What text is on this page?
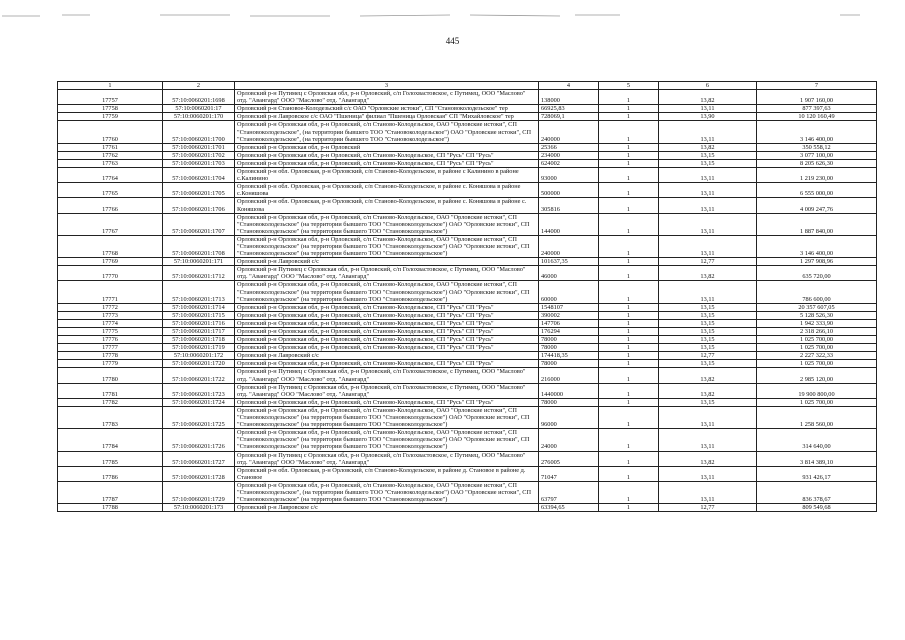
445
1	2	3	4	5	6	7
17757	57:10:0060201:1698	Орловский р-н Путимец с Орловская обл, р-н Орловский, с/п Голохвастовское, с Путимец, ООО "Маслово" отд. "Авангард" ООО "Маслово" отд. "Авангард"	138000	1	13,82	1 907 160,00
17758	57:10:0060201:17	Орловский р-н Становое-Колодезьский с/с ОАО "Орловские истоки", СП "Становоколодезьское" тер	66925,83	1	13,11	877 397,63
17759	57:10:0060201:170	Орловский р-н Лавровское с/с ОАО "Пшеница" филиал "Пшеница Орловская" СП "Михайловское" тер	728069,1	1	13,90	10 120 160,49
17760	57:10:0060201:1700	Орловский р-н Орловская обл, р-н Орловский, с/п Станово-Колодезьское, ОАО "Орловские истоки", СП "Становоколодезьское", (на территории бывшего ТОО "Становоколодезьское") ОАО "Орловские истоки", СП "Становоколодезьское", (на территории бывшего ТОО "Становоколодезьское")	240000	1	13,11	3 146 400,00
17761	57:10:0060201:1701	Орловский р-н Орловская обл, р-н Орловский	25366	1	13,82	350 558,12
17762	57:10:0060201:1702	Орловский р-н Орловская обл, р-н Орловский, с/п Станово-Колодезьское, СП "Русь" СП "Русь"	234000	1	13,15	3 077 100,00
17763	57:10:0060201:1703	Орловский р-н Орловская обл, р-н Орловский, с/п Станово-Колодезьское, СП "Русь" СП "Русь"	624002	1	13,15	8 205 626,30
17764	57:10:0060201:1704	Орловский р-н обл. Орловская, р-н Орловский, с/п Станово-Колодезьское, в районе с Калинино в районе с.Калинино	93000	1	13,11	1 219 230,00
17765	57:10:0060201:1705	Орловский р-н обл. Орловская, р-н Орловский, с/п Станово-Колодезьское, в районе с. Коняшова в районе с.Коняшова	500000	1	13,11	6 555 000,00
17766	57:10:0060201:1706	Орловский р-н обл. Орловская, р-н Орловский, с/п Станово-Колодезьское, в районе с. Коняшова в районе с. Коняшова	305816	1	13,11	4 009 247,76
17767	57:10:0060201:1707	Орловский р-н Орловская обл, р-н Орловский, с/п Станово-Колодезьское, ОАО "Орловские истоки", СП "Становоколодезьское" (на территории бывшего ТОО "Становоколодезьское") ОАО "Орловские истоки", СП "Становоколодезьское" (на территории бывшего ТОО "Становоколодезьское")	144000	1	13,11	1 887 840,00
17768	57:10:0060201:1708	Орловский р-н Орловская обл, р-н Орловский, с/п Станово-Колодезьское, ОАО "Орловские истоки", СП "Становоколодезьское" (на территории бывшего ТОО "Становоколодезьское") ОАО "Орловские истоки", СП "Становоколодезьское" (на территории бывшего ТОО "Становоколодезьское")	240000	1	13,11	3 146 400,00
17769	57:10:0060201:171	Орловский р-н Лавровский с/с	101637,35	1	12,77	1 297 908,96
17770	57:10:0060201:1712	Орловский р-н Путимец с Орловская обл, р-н Орловский, с/п Голохвастовское, с Путимец, ООО "Маслово" отд. "Авангард" ООО "Маслово" отд. "Авангард"	46000	1	13,82	635 720,00
17771	57:10:0060201:1713	Орловский р-н Орловская обл, р-н Орловский, с/п Станово-Колодезьское, ОАО "Орловские истоки", СП "Становоколодезьское" (на территории бывшего ТОО "Становоколодезьское") ОАО "Орловские истоки", СП "Становоколодезьское" (на территории бывшего ТОО "Становоколодезьское")	60000	1	13,11	786 600,00
17772	57:10:0060201:1714	Орловский р-н Орловская обл, р-н Орловский, с/п Станово-Колодезьское, СП "Русь" СП "Русь"	1548107	1	13,15	20 357 607,05
17773	57:10:0060201:1715	Орловский р-н Орловская обл, р-н Орловский, с/п Станово-Колодезьское, СП "Русь" СП "Русь"	390002	1	13,15	5 128 526,30
17774	57:10:0060201:1716	Орловский р-н Орловская обл, р-н Орловский, с/п Станово-Колодезьское, СП "Русь" СП "Русь"	147706	1	13,15	1 942 333,90
17775	57:10:0060201:1717	Орловский р-н Орловская обл, р-н Орловский, с/п Станово-Колодезьское, СП "Русь" СП "Русь"	176294	1	13,15	2 318 266,10
17776	57:10:0060201:1718	Орловский р-н Орловская обл, р-н Орловский, с/п Станово-Колодезьское, СП "Русь" СП "Русь"	78000	1	13,15	1 025 700,00
17777	57:10:0060201:1719	Орловский р-н Орловская обл, р-н Орловский, с/п Станово-Колодезьское, СП "Русь" СП "Русь"	78000	1	13,15	1 025 700,00
17778	57:10:0060201:172	Орловский р-н Лавровский с/с	174418,35	1	12,77	2 227 322,33
17779	57:10:0060201:1720	Орловский р-н Орловская обл, р-н Орловский, с/п Станово-Колодезьское, СП "Русь" СП "Русь"	78000	1	13,15	1 025 700,00
17780	57:10:0060201:1722	Орловский р-н Путимец с Орловская обл, р-н Орловский, с/п Голохвастовское, с Путимец, ООО "Маслово" отд. "Авангард" ООО "Маслово" отд. "Авангард"	216000	1	13,82	2 985 120,00
17781	57:10:0060201:1723	Орловский р-н Путимец с Орловская обл, р-н Орловский, с/п Голохвастовское, с Путимец, ООО "Маслово" отд. "Авангард" ООО "Маслово" отд. "Авангард"	1440000	1	13,82	19 900 800,00
17782	57:10:0060201:1724	Орловский р-н Орловская обл, р-н Орловский, с/п Станово-Колодезьское, СП "Русь" СП "Русь"	78000	1	13,15	1 025 700,00
17783	57:10:0060201:1725	Орловский р-н Орловская обл, р-н Орловский, с/п Станово-Колодезьское, ОАО "Орловские истоки", СП "Становоколодезьское" (на территории бывшего ТОО "Становоколодезьское") ОАО "Орловские истоки", СП "Становоколодезьское" (на территории бывшего ТОО "Становоколодезьское")	96000	1	13,11	1 258 560,00
17784	57:10:0060201:1726	Орловский р-н Орловская обл, р-н Орловский, с/п Станово-Колодезьское, ОАО "Орловские истоки", СП "Становоколодезьское" (на территории бывшего ТОО "Становоколодезьское") ОАО "Орловские истоки", СП "Становоколодезьское" (на территории бывшего ТОО "Становоколодезьское")	24000	1	13,11	314 640,00
17785	57:10:0060201:1727	Орловский р-н Путимец с Орловская обл, р-н Орловский, с/п Голохвастовское, с Путимец, ООО "Маслово" отд. "Авангард" ООО "Маслово" отд. "Авангард"	276005	1	13,82	3 814 389,10
17786	57:10:0060201:1728	Орловский р-н обл. Орловская, р-н Орловский, с/п Станово-Колодезьское, в районе д. Становое в районе д. Становое	71047	1	13,11	931 426,17
17787	57:10:0060201:1729	Орловский р-н Орловская обл, р-н Орловский, с/п Станово-Колодезьское, ОАО "Орловские истоки", СП "Становоколодезьское", (на территории бывшего ТОО "Становоколодезьское") ОАО "Орловские истоки", СП "Становоколодезьское" (на территории бывшего ТОО "Становоколодезьское")	63797	1	13,11	836 378,67
17788	57:10:0060201:173	Орловский р-н Лавровское с/с	63394,65	1	12,77	809 549,68
